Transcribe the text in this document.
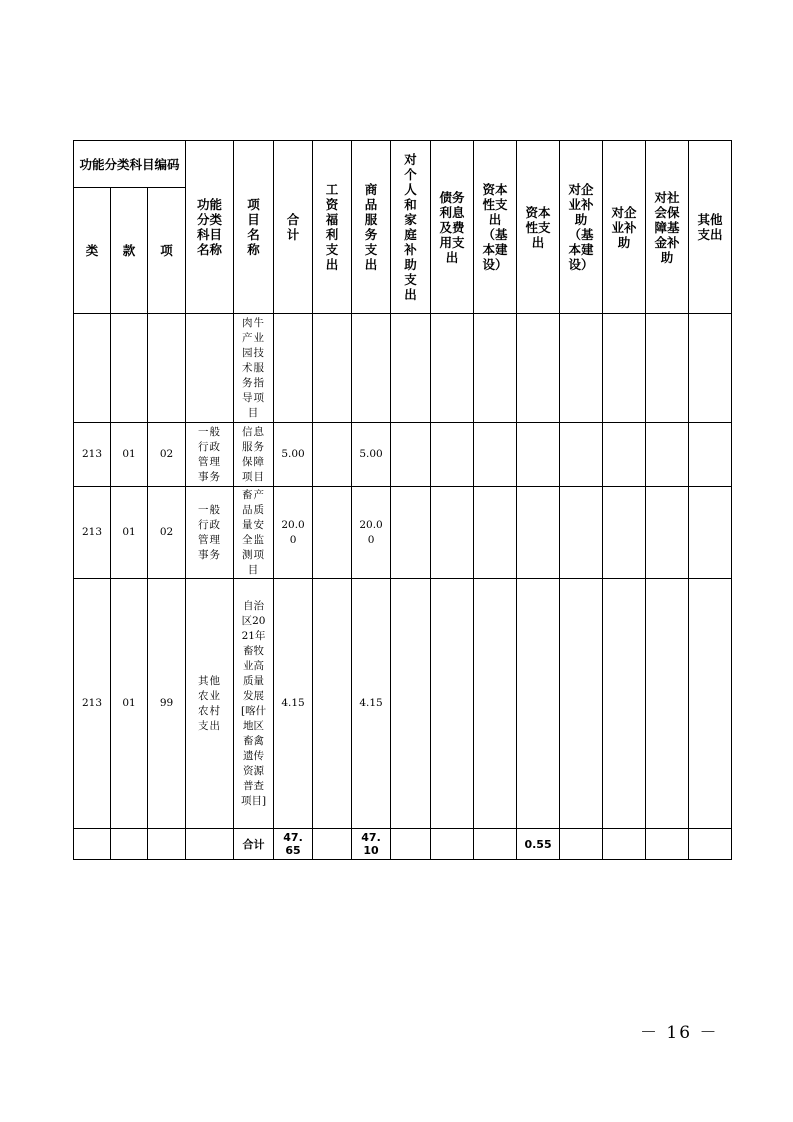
功能分类科目编码			功能分类科目名称	项目名称	合计	工资福利支出	商品服务支出	对个人和家庭补助支出	债务利息及费用支出	资本性支出（基本建设）	资本性支出	对企业补助（基本建设）	对企业补助	对社会保障基金补助	其他支出
类	款	项													
				肉牛产业园技术服务指导项目											
213	01	02	一般行政管理事务	信息服务保障项目	5.00		5.00								
213	01	02	一般行政管理事务	畜产品质量安全监测项目	20.00		20.00								
213	01	99	其他农业农村支出	自治区2021年畜牧业高质量发展[喀什地区畜禽遗传资源普查项目]	4.15		4.15								
				合计	47.65		47.10				0.55				
－ 16 －
